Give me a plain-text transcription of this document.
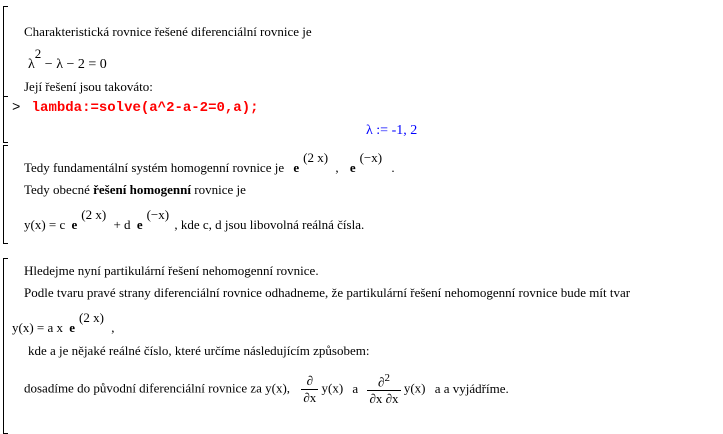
Charakteristická rovnice řešené diferenciální rovnice je
λ2 − λ − 2 = 0
Její řešení jsou takováto:
> lambda:=solve(a^2-a-2=0,a);
λ := -1, 2
Tedy fundamentální systém homogenní rovnice je e(2 x) , e(−x) .
Tedy obecné řešení homogenní rovnice je
y(x) = c e(2 x) + d e(−x) , kde c, d jsou libovolná reálná čísla.
Hledejme nyní partikulární řešení nehomogenní rovnice.
Podle tvaru pravé strany diferenciální rovnice odhadneme, že partikulární řešení nehomogenní rovnice bude mít tvar
y(x) = a x e(2 x) ,
kde a je nějaké reálné číslo, které určíme následujícím způsobem:
dosadíme do původní diferenciální rovnice za y(x), $\frac{\partial}{\partial x} y(x)$ a $\frac{\partial^2}{\partial x \partial x} y(x)$ a a vyjádříme.
